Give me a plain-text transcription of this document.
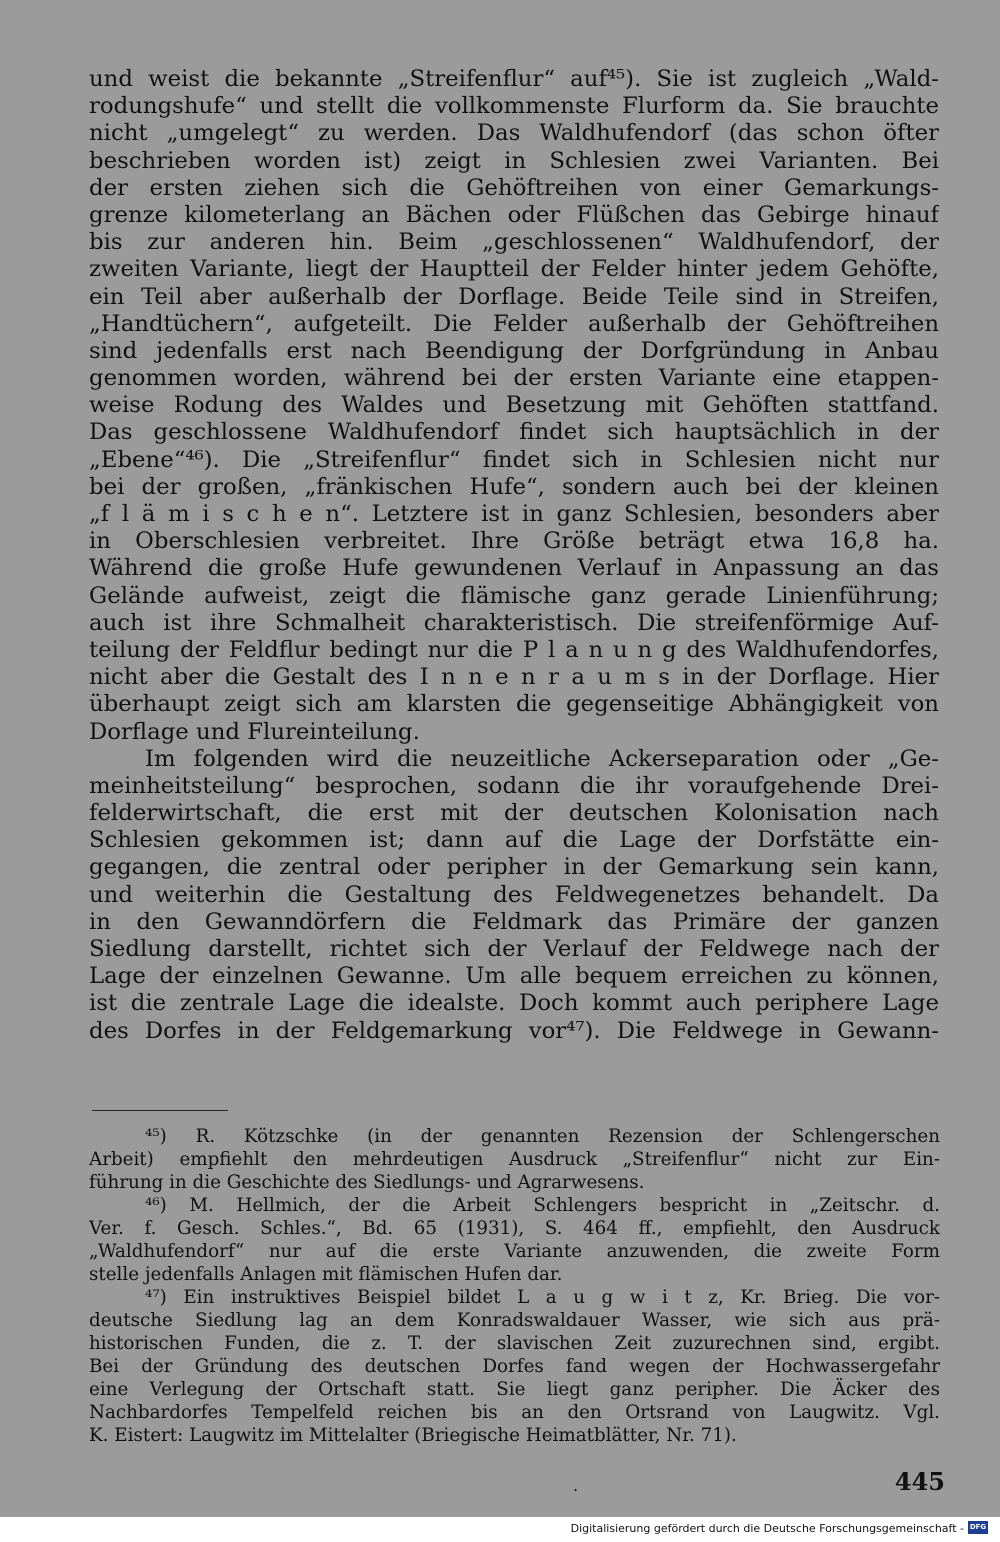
und weist die bekannte „Streifenflur“ auf⁴⁵). Sie ist zugleich „Wald-
rodungshufe“ und stellt die vollkommenste Flurform da. Sie brauchte
nicht „umgelegt“ zu werden. Das Waldhufendorf (das schon öfter
beschrieben worden ist) zeigt in Schlesien zwei Varianten. Bei
der ersten ziehen sich die Gehöftreihen von einer Gemarkungs-
grenze kilometerlang an Bächen oder Flüßchen das Gebirge hinauf
bis zur anderen hin. Beim „geschlossenen“ Waldhufendorf, der
zweiten Variante, liegt der Hauptteil der Felder hinter jedem Gehöfte,
ein Teil aber außerhalb der Dorflage. Beide Teile sind in Streifen,
„Handtüchern“, aufgeteilt. Die Felder außerhalb der Gehöftreihen
sind jedenfalls erst nach Beendigung der Dorfgründung in Anbau
genommen worden, während bei der ersten Variante eine etappen-
weise Rodung des Waldes und Besetzung mit Gehöften stattfand.
Das geschlossene Waldhufendorf findet sich hauptsächlich in der
„Ebene“⁴⁶). Die „Streifenflur“ findet sich in Schlesien nicht nur
bei der großen, „fränkischen Hufe“, sondern auch bei der kleinen
„f l ä m i s c h e n“. Letztere ist in ganz Schlesien, besonders aber
in Oberschlesien verbreitet. Ihre Größe beträgt etwa 16,8 ha.
Während die große Hufe gewundenen Verlauf in Anpassung an das
Gelände aufweist, zeigt die flämische ganz gerade Linienführung;
auch ist ihre Schmalheit charakteristisch. Die streifenförmige Auf-
teilung der Feldflur bedingt nur die P l a n u n g des Waldhufendorfes,
nicht aber die Gestalt des I n n e n r a u m s in der Dorflage. Hier
überhaupt zeigt sich am klarsten die gegenseitige Abhängigkeit von
Dorflage und Flureinteilung.
Im folgenden wird die neuzeitliche Ackerseparation oder „Ge-
meinheitsteilung“ besprochen, sodann die ihr voraufgehende Drei-
felderwirtschaft, die erst mit der deutschen Kolonisation nach
Schlesien gekommen ist; dann auf die Lage der Dorfstätte ein-
gegangen, die zentral oder peripher in der Gemarkung sein kann,
und weiterhin die Gestaltung des Feldwegenetzes behandelt. Da
in den Gewanndörfern die Feldmark das Primäre der ganzen
Siedlung darstellt, richtet sich der Verlauf der Feldwege nach der
Lage der einzelnen Gewanne. Um alle bequem erreichen zu können,
ist die zentrale Lage die idealste. Doch kommt auch periphere Lage
des Dorfes in der Feldgemarkung vor⁴⁷). Die Feldwege in Gewann-
⁴⁵) R. Kötzschke (in der genannten Rezension der Schlengerschen
Arbeit) empfiehlt den mehrdeutigen Ausdruck „Streifenflur“ nicht zur Ein-
führung in die Geschichte des Siedlungs- und Agrarwesens.
⁴⁶) M. Hellmich, der die Arbeit Schlengers bespricht in „Zeitschr. d.
Ver. f. Gesch. Schles.“, Bd. 65 (1931), S. 464 ff., empfiehlt, den Ausdruck
„Waldhufendorf“ nur auf die erste Variante anzuwenden, die zweite Form
stelle jedenfalls Anlagen mit flämischen Hufen dar.
⁴⁷) Ein instruktives Beispiel bildet L a u g w i t z, Kr. Brieg. Die vor-
deutsche Siedlung lag an dem Konradswaldauer Wasser, wie sich aus prä-
historischen Funden, die z. T. der slavischen Zeit zuzurechnen sind, ergibt.
Bei der Gründung des deutschen Dorfes fand wegen der Hochwassergefahr
eine Verlegung der Ortschaft statt. Sie liegt ganz peripher. Die Äcker des
Nachbardorfes Tempelfeld reichen bis an den Ortsrand von Laugwitz. Vgl.
K. Eistert: Laugwitz im Mittelalter (Briegische Heimatblätter, Nr. 71).
.	445
Digitalisierung gefördert durch die Deutsche Forschungsgemeinschaft - DFG
